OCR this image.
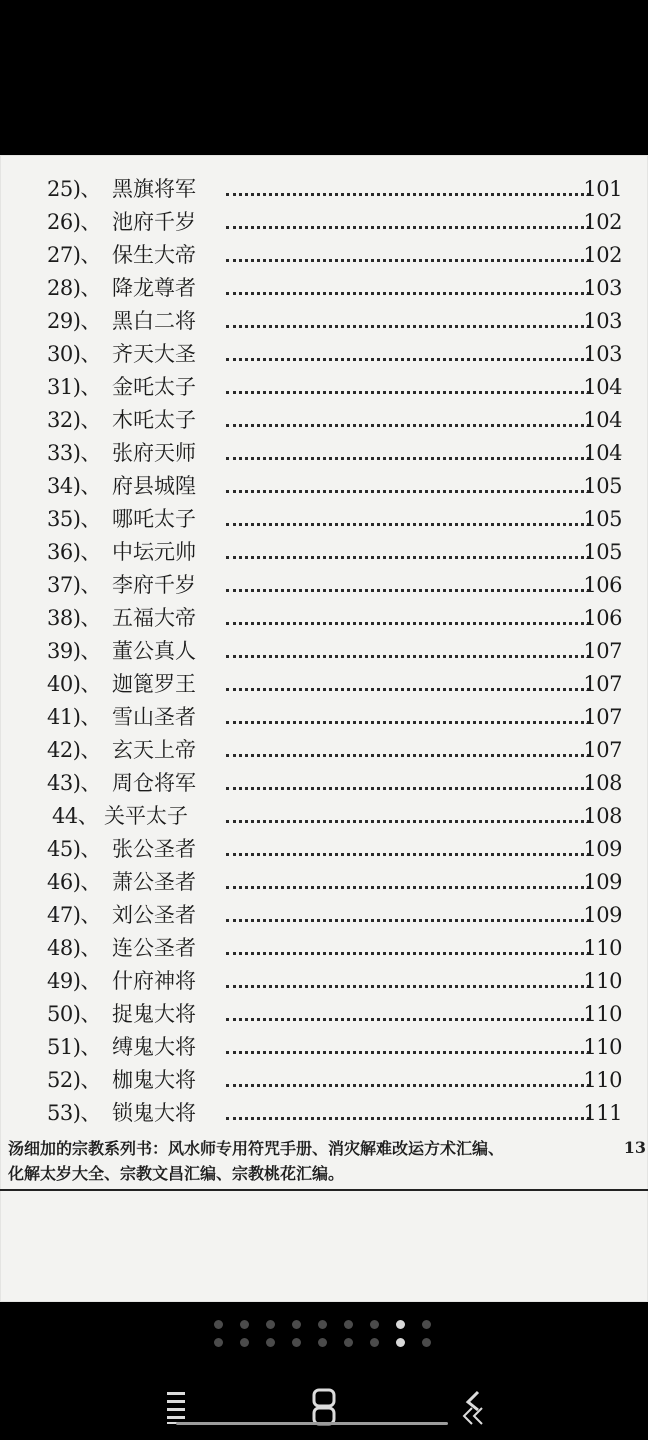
25)、 黑旗将军	101
26)、 池府千岁	102
27)、 保生大帝	102
28)、 降龙尊者	103
29)、 黑白二将	103
30)、 齐天大圣	103
31)、 金吒太子	104
32)、 木吒太子	104
33)、 张府天师	104
34)、 府县城隍	105
35)、 哪吒太子	105
36)、 中坛元帅	105
37)、 李府千岁	106
38)、 五福大帝	106
39)、 董公真人	107
40)、 迦篦罗王	107
41)、 雪山圣者	107
42)、 玄天上帝	107
43)、 周仓将军	108
44、 关平太子	108
45)、 张公圣者	109
46)、 萧公圣者	109
47)、 刘公圣者	109
48)、 连公圣者	110
49)、 什府神将	110
50)、 捉鬼大将	110
51)、 缚鬼大将	110
52)、 枷鬼大将	110
53)、 锁鬼大将	111
汤细加的宗教系列书：风水师专用符咒手册、消灾解难改运方术汇编、	13
化解太岁大全、宗教文昌汇编、宗教桃花汇编。
